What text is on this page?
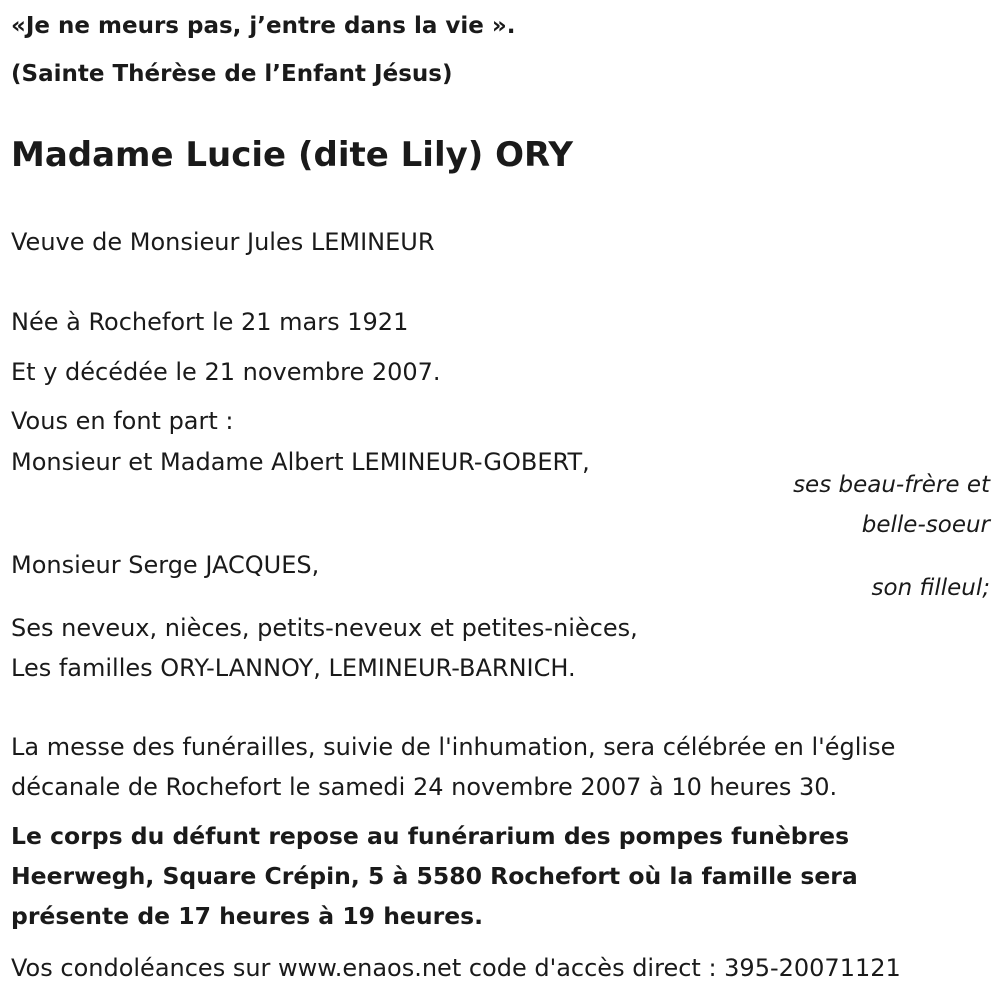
«Je ne meurs pas, j’entre dans la vie ».
(Sainte Thérèse de l’Enfant Jésus)
Madame Lucie (dite Lily) ORY
Veuve de Monsieur Jules LEMINEUR
Née à Rochefort le 21 mars 1921
Et y décédée le 21 novembre 2007.
Vous en font part :
Monsieur et Madame Albert LEMINEUR-GOBERT,
ses beau-frère et
belle-soeur
Monsieur Serge JACQUES,
son filleul;
Ses neveux, nièces, petits-neveux et petites-nièces,
Les familles ORY-LANNOY, LEMINEUR-BARNICH.
La messe des funérailles, suivie de l'inhumation, sera célébrée en l'église
décanale de Rochefort le samedi 24 novembre 2007 à 10 heures 30.
Le corps du défunt repose au funérarium des pompes funèbres
Heerwegh, Square Crépin, 5 à 5580 Rochefort où la famille sera
présente de 17 heures à 19 heures.
Vos condoléances sur www.enaos.net code d'accès direct : 395-20071121
